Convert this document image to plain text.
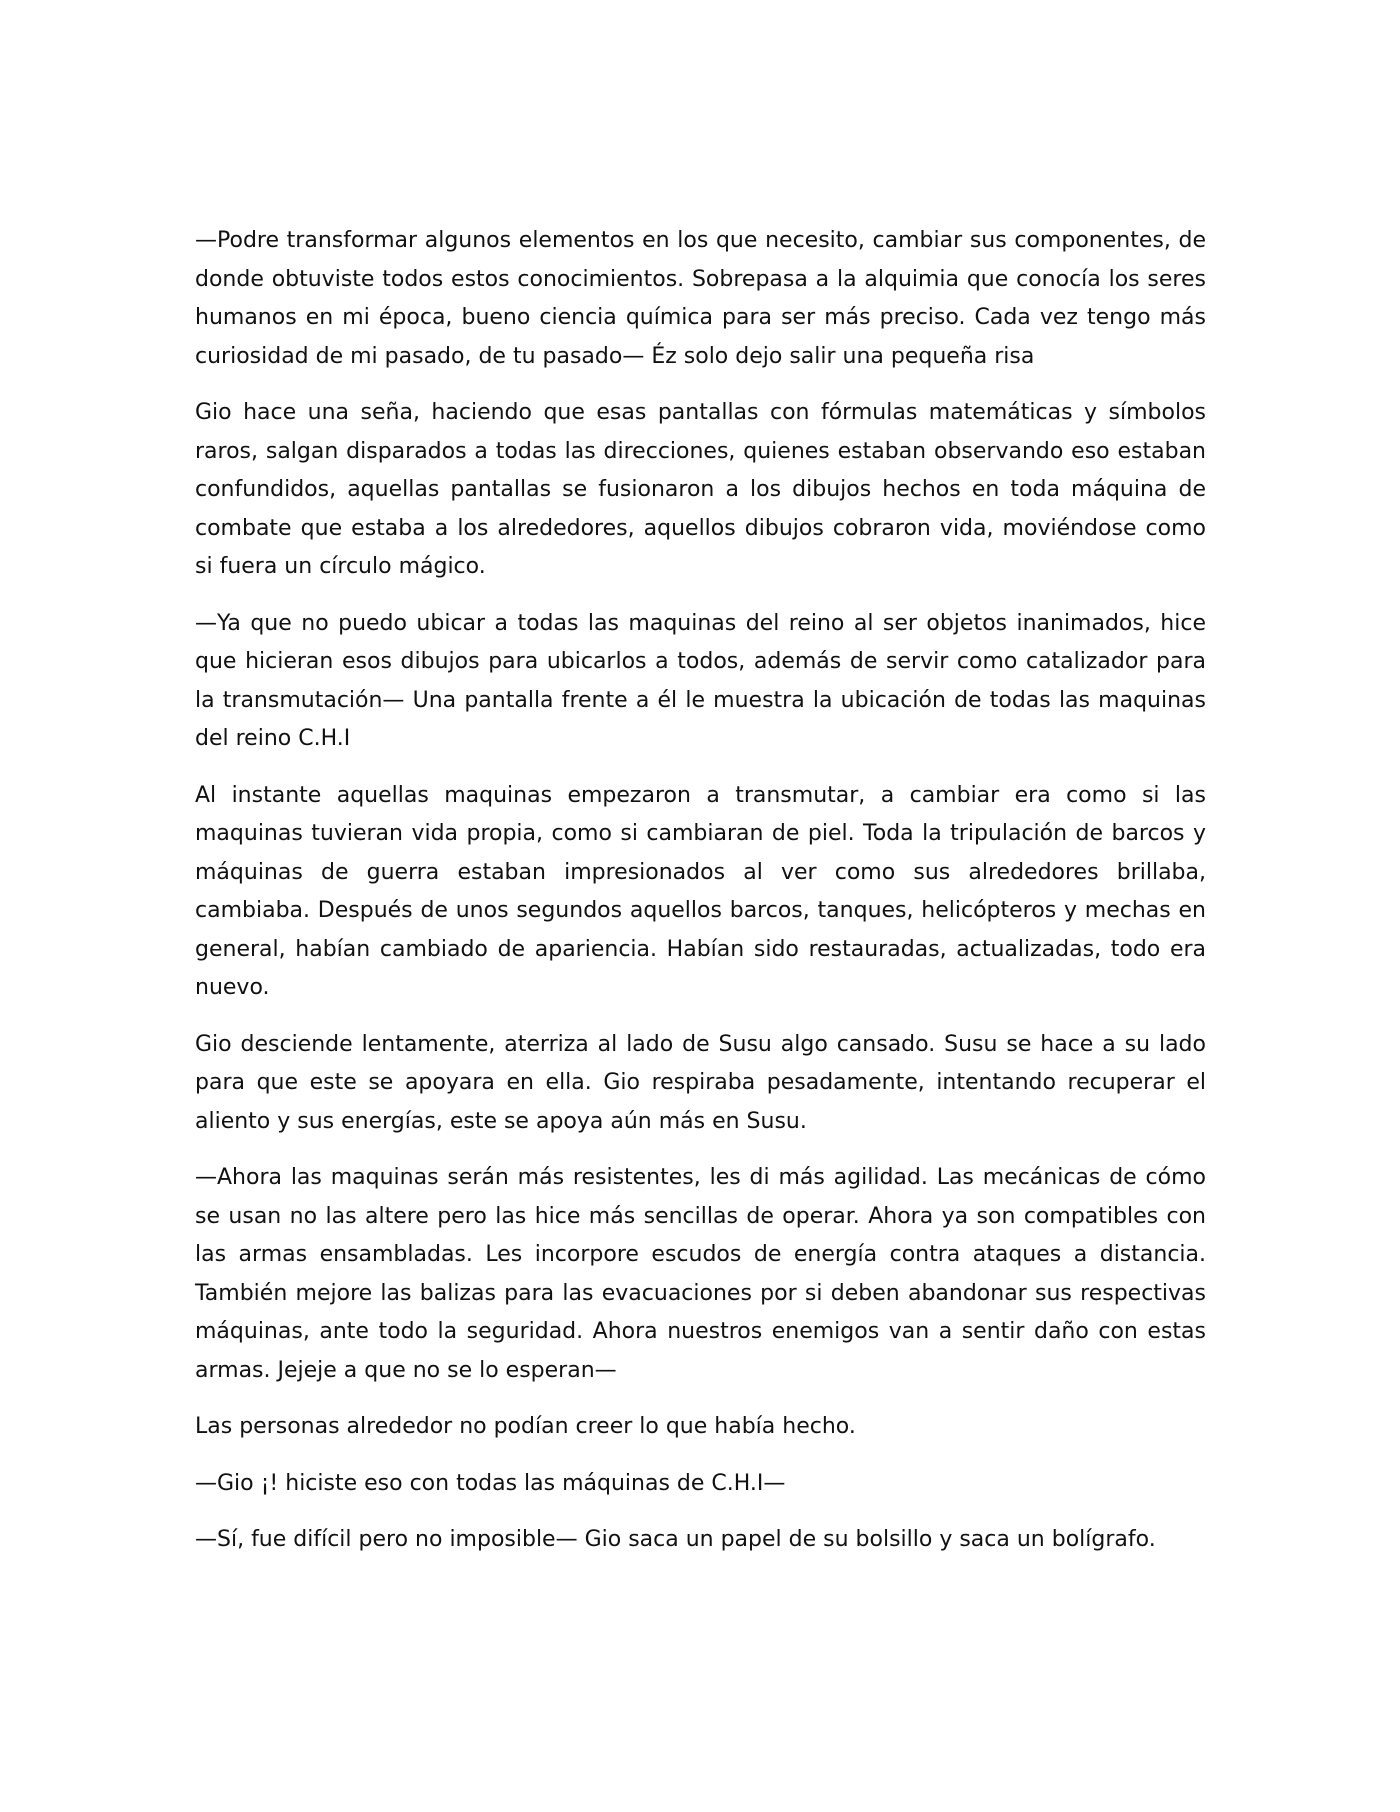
—Podre transformar algunos elementos en los que necesito, cambiar sus componentes, de donde obtuviste todos estos conocimientos. Sobrepasa a la alquimia que conocía los seres humanos en mi época, bueno ciencia química para ser más preciso. Cada vez tengo más curiosidad de mi pasado, de tu pasado— Éz solo dejo salir una pequeña risa

Gio hace una seña, haciendo que esas pantallas con fórmulas matemáticas y símbolos raros, salgan disparados a todas las direcciones, quienes estaban observando eso estaban confundidos, aquellas pantallas se fusionaron a los dibujos hechos en toda máquina de combate que estaba a los alrededores, aquellos dibujos cobraron vida, moviéndose como si fuera un círculo mágico.

—Ya que no puedo ubicar a todas las maquinas del reino al ser objetos inanimados, hice que hicieran esos dibujos para ubicarlos a todos, además de servir como catalizador para la transmutación— Una pantalla frente a él le muestra la ubicación de todas las maquinas del reino C.H.I

Al instante aquellas maquinas empezaron a transmutar, a cambiar era como si las maquinas tuvieran vida propia, como si cambiaran de piel. Toda la tripulación de barcos y máquinas de guerra estaban impresionados al ver como sus alrededores brillaba, cambiaba. Después de unos segundos aquellos barcos, tanques, helicópteros y mechas en general, habían cambiado de apariencia. Habían sido restauradas, actualizadas, todo era nuevo.

Gio desciende lentamente, aterriza al lado de Susu algo cansado. Susu se hace a su lado para que este se apoyara en ella. Gio respiraba pesadamente, intentando recuperar el aliento y sus energías, este se apoya aún más en Susu.

—Ahora las maquinas serán más resistentes, les di más agilidad. Las mecánicas de cómo se usan no las altere pero las hice más sencillas de operar. Ahora ya son compatibles con las armas ensambladas. Les incorpore escudos de energía contra ataques a distancia. También mejore las balizas para las evacuaciones por si deben abandonar sus respectivas máquinas, ante todo la seguridad. Ahora nuestros enemigos van a sentir daño con estas armas. Jejeje a que no se lo esperan—

Las personas alrededor no podían creer lo que había hecho.

—Gio ¡! hiciste eso con todas las máquinas de C.H.I—

—Sí, fue difícil pero no imposible— Gio saca un papel de su bolsillo y saca un bolígrafo.
